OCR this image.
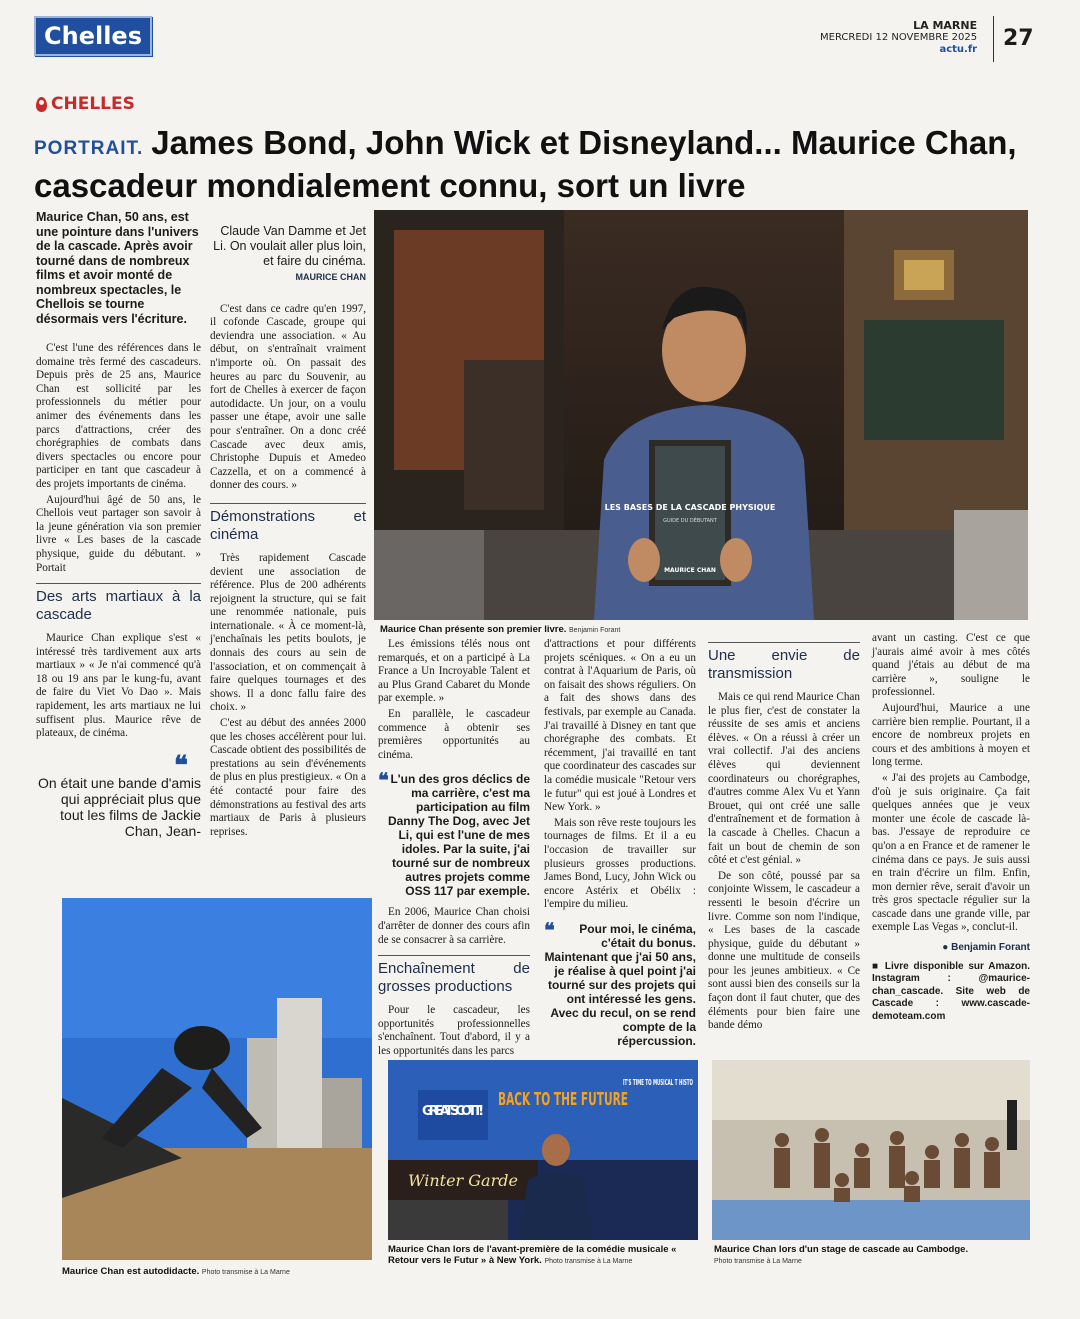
Chelles	LA MARNE
MERCREDI 12 NOVEMBRE 2025
actu.fr 27
CHELLES
PORTRAIT. James Bond, John Wick et Disneyland... Maurice Chan, cascadeur mondialement connu, sort un livre
Maurice Chan, 50 ans, est une pointure dans l'univers de la cascade. Après avoir tourné dans de nombreux films et avoir monté de nombreux spectacles, le Chellois se tourne désormais vers l'écriture.

C'est l'une des références dans le domaine très fermé des cascadeurs. Depuis près de 25 ans, Maurice Chan est sollicité par les professionnels du métier pour animer des événements dans les parcs d'attractions, créer des chorégraphies de combats dans divers spectacles ou encore pour participer en tant que cascadeur à des projets importants de cinéma.

Aujourd'hui âgé de 50 ans, le Chellois veut partager son savoir à la jeune génération via son premier livre « Les bases de la cascade physique, guide du débutant. » Portait

Des arts martiaux à la cascade

Maurice Chan explique s'est « intéressé très tardivement aux arts martiaux » « Je n'ai commencé qu'à 18 ou 19 ans par le kung-fu, avant de faire du Viet Vo Dao ». Mais rapidement, les arts martiaux ne lui suffisent plus. Maurice rêve de plateaux, de cinéma.

❝
On était une bande d'amis qui appréciait plus que tout les films de Jackie Chan, Jean-
Claude Van Damme et Jet Li. On voulait aller plus loin, et faire du cinéma.
MAURICE CHAN

C'est dans ce cadre qu'en 1997, il cofonde Cascade, groupe qui deviendra une association. « Au début, on s'entraînait vraiment n'importe où. On passait des heures au parc du Souvenir, au fort de Chelles à exercer de façon autodidacte. Un jour, on a voulu passer une étape, avoir une salle pour s'entraîner. On a donc créé Cascade avec deux amis, Christophe Dupuis et Amedeo Cazzella, et on a commencé à donner des cours. »

Démonstrations et cinéma

Très rapidement Cascade devient une association de référence. Plus de 200 adhérents rejoignent la structure, qui se fait une renommée nationale, puis internationale. « À ce moment-là, j'enchaînais les petits boulots, je donnais des cours au sein de l'association, et on commençait à faire quelques tournages et des shows. Il a donc fallu faire des choix. »

C'est au début des années 2000 que les choses accélèrent pour lui. Cascade obtient des possibilités de prestations au sein d'événements de plus en plus prestigieux. « On a été contacté pour faire des démonstrations au festival des arts martiaux de Paris à plusieurs reprises.

LES BASES DE LA CASCADE PHYSIQUE
GUIDE DU DÉBUTANT
MAURICE CHAN
Maurice Chan présente son premier livre. Benjamin Forant

Les émissions télés nous ont remarqués, et on a participé à La France a Un Incroyable Talent et au Plus Grand Cabaret du Monde par exemple. »

En parallèle, le cascadeur commence à obtenir ses premières opportunités au cinéma.

❝ L'un des gros déclics de ma carrière, c'est ma participation au film Danny The Dog, avec Jet Li, qui est l'une de mes idoles. Par la suite, j'ai tourné sur de nombreux autres projets comme OSS 117 par exemple.

En 2006, Maurice Chan choisi d'arrêter de donner des cours afin de se consacrer à sa carrière.

Enchaînement de grosses productions

Pour le cascadeur, les opportunités professionnelles s'enchaînent. Tout d'abord, il y a les opportunités dans les parcs

d'attractions et pour différents projets scéniques. « On a eu un contrat à l'Aquarium de Paris, où on faisait des shows réguliers. On a fait des shows dans des festivals, par exemple au Canada. J'ai travaillé à Disney en tant que chorégraphe des combats. Et récemment, j'ai travaillé en tant que coordinateur des cascades sur la comédie musicale "Retour vers le futur" qui est joué à Londres et New York. »

Mais son rêve reste toujours les tournages de films. Et il a eu l'occasion de travailler sur plusieurs grosses productions. James Bond, Lucy, John Wick ou encore Astérix et Obélix : l'empire du milieu.

❝ Pour moi, le cinéma, c'était du bonus. Maintenant que j'ai 50 ans, je réalise à quel point j'ai tourné sur des projets qui ont intéressé les gens. Avec du recul, on se rend compte de la répercussion.
Une envie de transmission

Mais ce qui rend Maurice Chan le plus fier, c'est de constater la réussite de ses amis et anciens élèves. « On a réussi à créer un vrai collectif. J'ai des anciens élèves qui deviennent coordinateurs ou chorégraphes, d'autres comme Alex Vu et Yann Brouet, qui ont créé une salle d'entraînement et de formation à la cascade à Chelles. Chacun a fait un bout de chemin de son côté et c'est génial. »

De son côté, poussé par sa conjointe Wissem, le cascadeur a ressenti le besoin d'écrire un livre. Comme son nom l'indique, « Les bases de la cascade physique, guide du débutant » donne une multitude de conseils pour les jeunes ambitieux. « Ce sont aussi bien des conseils sur la façon dont il faut chuter, que des éléments pour bien faire une bande démo

avant un casting. C'est ce que j'aurais aimé avoir à mes côtés quand j'étais au début de ma carrière », souligne le professionnel.

Aujourd'hui, Maurice a une carrière bien remplie. Pourtant, il a encore de nombreux projets en cours et des ambitions à moyen et long terme.

« J'ai des projets au Cambodge, d'où je suis originaire. Ça fait quelques années que je veux monter une école de cascade là-bas. J'essaye de reproduire ce qu'on a en France et de ramener le cinéma dans ce pays. Je suis aussi en train d'écrire un film. Enfin, mon dernier rêve, serait d'avoir un très gros spectacle régulier sur la cascade dans une grande ville, par exemple Las Vegas », conclut-il.

● Benjamin Forant

■ Livre disponible sur Amazon. Instagram : @maurice-chan_cascade. Site web de Cascade : www.cascade-demoteam.com

Maurice Chan est autodidacte. Photo transmise à La Marne
GREAT SCOTT!
BACK TO THE FUTURE
IT'S TIME TO MUSICAL T HISTO
Winter Garde
Maurice Chan lors de l'avant-première de la comédie musicale « Retour vers le Futur » à New York. Photo transmise à La Marne
Maurice Chan lors d'un stage de cascade au Cambodge.
Photo transmise à La Marne
